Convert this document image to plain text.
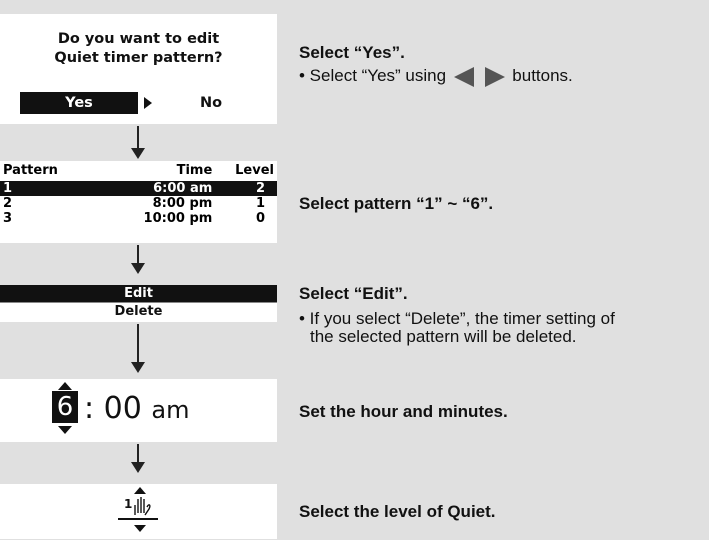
Do you want to edit
Quiet timer pattern?
Yes	No
Pattern	Time	Level
1	6:00 am	2
2	8:00 pm	1
3	10:00 pm	0
Edit
Delete
6 : 00 am
1
Select “Yes”.
• Select “Yes” using	buttons.
Select pattern “1” ~ “6”.
Select “Edit”.
• If you select “Delete”, the timer setting of
the selected pattern will be deleted.
Set the hour and minutes.
Select the level of Quiet.
